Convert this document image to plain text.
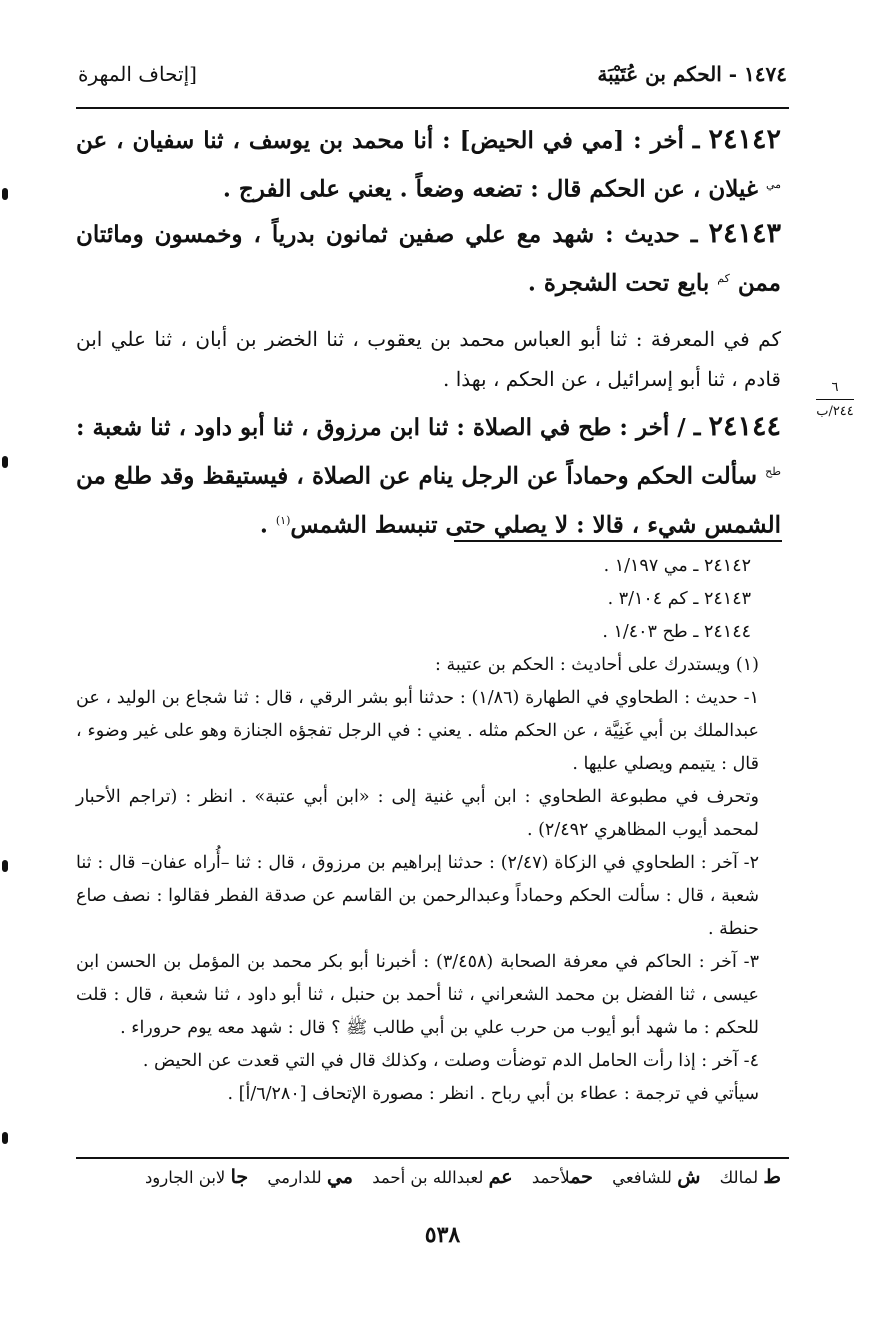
١٤٧٤ - الحكم بن عُتَيْبَة
[إتحاف المهرة
٢٤١٤٢ ـ أخر : [مي في الحيض] : أنا محمد بن يوسف ، ثنا سفيان ، عن $^{مي}$ غيلان ، عن الحكم قال : تضعه وضعاً . يعني على الفرج .
٢٤١٤٣ ـ حديث : شهد مع علي صفين ثمانون بدرياً ، وخمسون ومائتان ممن $^{كم}$ بايع تحت الشجرة .
كم في المعرفة : ثنا أبو العباس محمد بن يعقوب ، ثنا الخضر بن أبان ، ثنا علي ابن قادم ، ثنا أبو إسرائيل ، عن الحكم ، بهذا .
٢٤١٤٤ ـ / أخر : طح في الصلاة : ثنا ابن مرزوق ، ثنا أبو داود ، ثنا شعبة : $^{طح}$ سألت الحكم وحماداً عن الرجل ينام عن الصلاة ، فيستيقظ وقد طلع من الشمس شيء ، قالا : لا يصلي حتى تنبسط الشمس$^{(١)}$ .
٦
٢٤٤/ب
٢٤١٤٢ ـ مي ١/١٩٧ .
٢٤١٤٣ ـ كم ٣/١٠٤ .
٢٤١٤٤ ـ طح ١/٤٠٣ .
(١) ويستدرك على أحاديث : الحكم بن عتيبة :
١- حديث : الطحاوي في الطهارة (١/٨٦) : حدثنا أبو بشر الرقي ، قال : ثنا شجاع بن الوليد ، عن عبدالملك بن أبي غَنِيَّة ، عن الحكم مثله . يعني : في الرجل تفجؤه الجنازة وهو على غير وضوء ، قال : يتيمم ويصلي عليها .
وتحرف في مطبوعة الطحاوي : ابن أبي غنية إلى : «ابن أبي عتبة» . انظر : (تراجم الأحبار لمحمد أيوب المظاهري ٢/٤٩٢) .
٢- آخر : الطحاوي في الزكاة (٢/٤٧) : حدثنا إبراهيم بن مرزوق ، قال : ثنا –أُراه عفان– قال : ثنا شعبة ، قال : سألت الحكم وحماداً وعبدالرحمن بن القاسم عن صدقة الفطر فقالوا : نصف صاع حنطة .
٣- آخر : الحاكم في معرفة الصحابة (٣/٤٥٨) : أخبرنا أبو بكر محمد بن المؤمل بن الحسن ابن عيسى ، ثنا الفضل بن محمد الشعراني ، ثنا أحمد بن حنبل ، ثنا أبو داود ، ثنا شعبة ، قال : قلت للحكم : ما شهد أبو أيوب من حرب علي بن أبي طالب ﷺ ؟ قال : شهد معه يوم حروراء .
٤- آخر : إذا رأت الحامل الدم توضأت وصلت ، وكذلك قال في التي قعدت عن الحيض .
سيأتي في ترجمة : عطاء بن أبي رباح . انظر : مصورة الإتحاف [٦/٢٨٠/أ] .
ط لمالك ش للشافعي حملأحمد عم لعبدالله بن أحمد مي للدارمي جا لابن الجارود
٥٣٨
